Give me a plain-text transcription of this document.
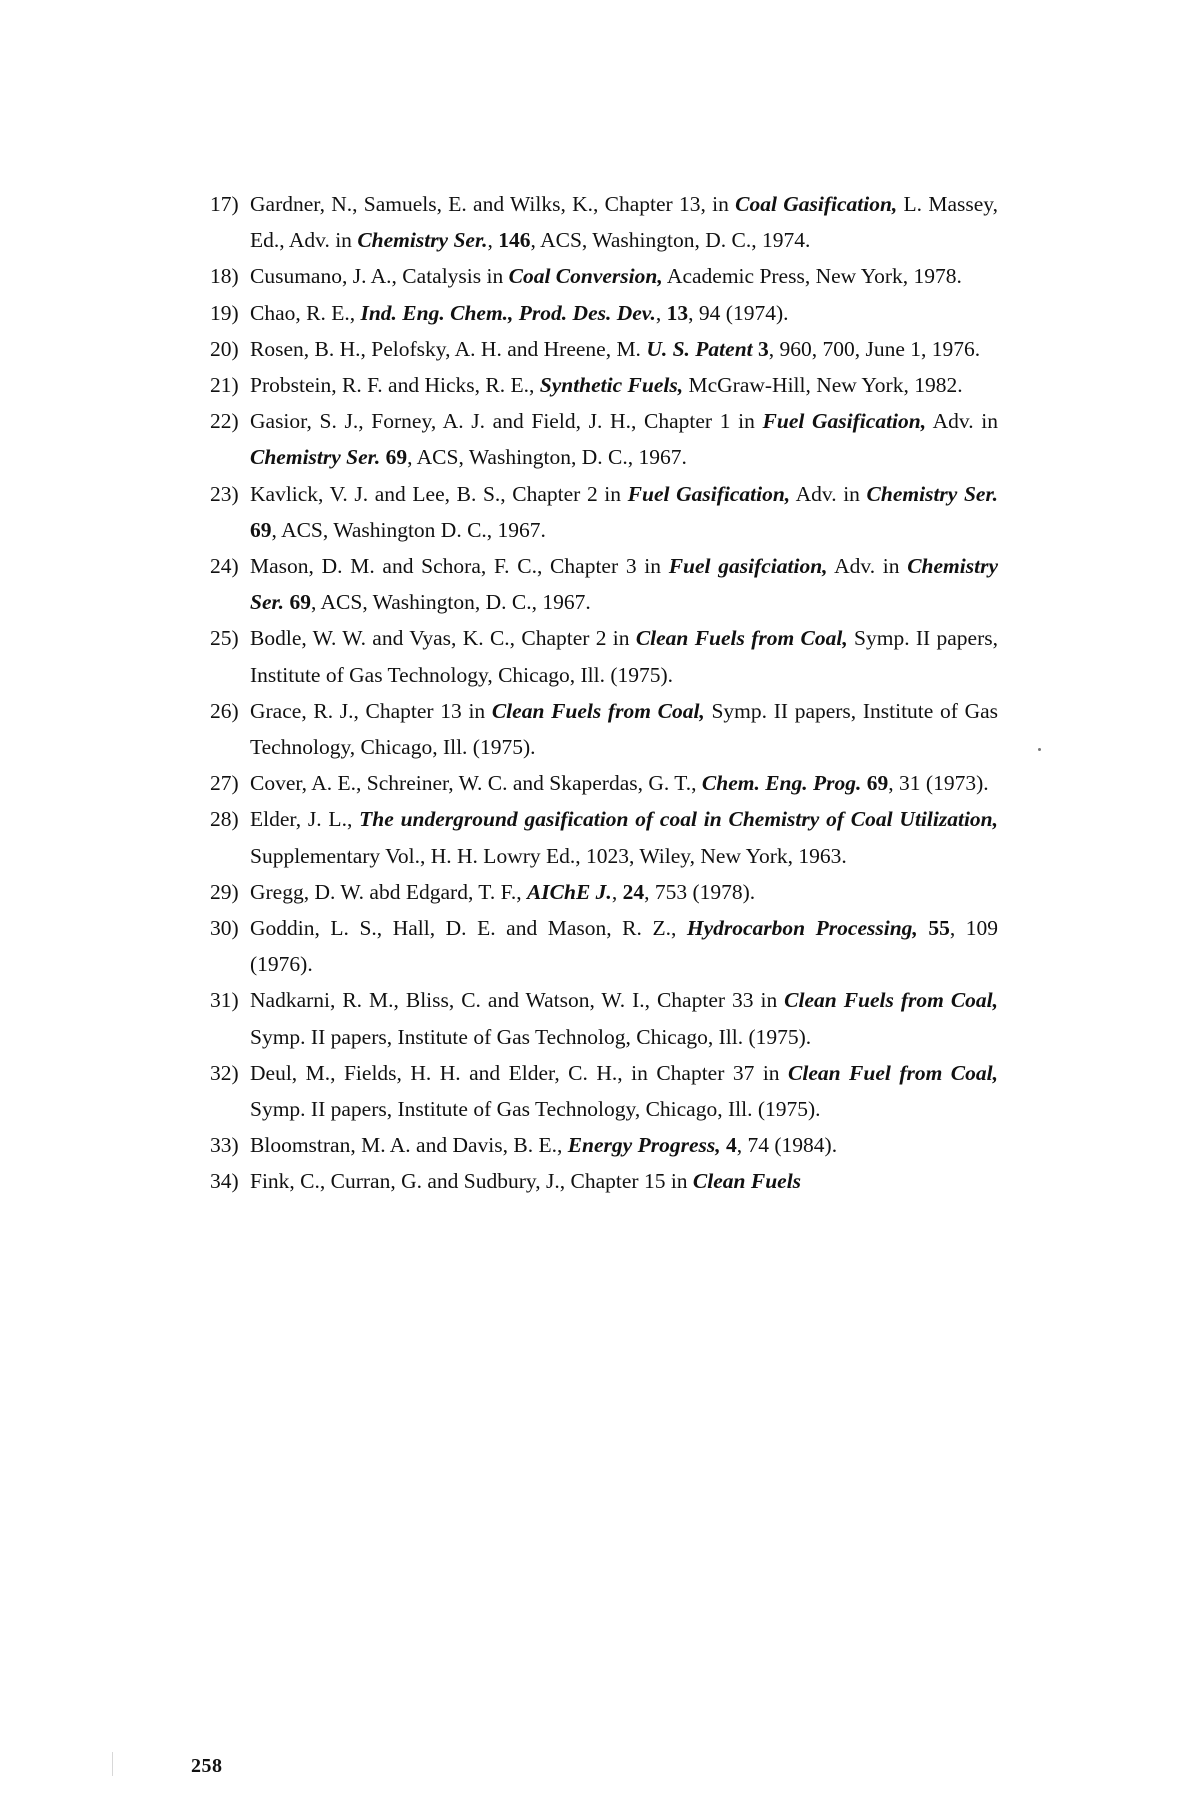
17) Gardner, N., Samuels, E. and Wilks, K., Chapter 13, in Coal Gasification, L. Massey, Ed., Adv. in Chemistry Ser., 146, ACS, Washington, D. C., 1974.
18) Cusumano, J. A., Catalysis in Coal Conversion, Academic Press, New York, 1978.
19) Chao, R. E., Ind. Eng. Chem., Prod. Des. Dev., 13, 94 (1974).
20) Rosen, B. H., Pelofsky, A. H. and Hreene, M. U. S. Patent 3, 960, 700, June 1, 1976.
21) Probstein, R. F. and Hicks, R. E., Synthetic Fuels, McGraw-Hill, New York, 1982.
22) Gasior, S. J., Forney, A. J. and Field, J. H., Chapter 1 in Fuel Gasification, Adv. in Chemistry Ser. 69, ACS, Washington, D. C., 1967.
23) Kavlick, V. J. and Lee, B. S., Chapter 2 in Fuel Gasification, Adv. in Chemistry Ser. 69, ACS, Washington D. C., 1967.
24) Mason, D. M. and Schora, F. C., Chapter 3 in Fuel gasifciation, Adv. in Chemistry Ser. 69, ACS, Washington, D. C., 1967.
25) Bodle, W. W. and Vyas, K. C., Chapter 2 in Clean Fuels from Coal, Symp. II papers, Institute of Gas Technology, Chicago, Ill. (1975).
26) Grace, R. J., Chapter 13 in Clean Fuels from Coal, Symp. II papers, Institute of Gas Technology, Chicago, Ill. (1975).
27) Cover, A. E., Schreiner, W. C. and Skaperdas, G. T., Chem. Eng. Prog. 69, 31 (1973).
28) Elder, J. L., The underground gasification of coal in Chemistry of Coal Utilization, Supplementary Vol., H. H. Lowry Ed., 1023, Wiley, New York, 1963.
29) Gregg, D. W. abd Edgard, T. F., AIChE J., 24, 753 (1978).
30) Goddin, L. S., Hall, D. E. and Mason, R. Z., Hydrocarbon Processing, 55, 109 (1976).
31) Nadkarni, R. M., Bliss, C. and Watson, W. I., Chapter 33 in Clean Fuels from Coal, Symp. II papers, Institute of Gas Technolog, Chicago, Ill. (1975).
32) Deul, M., Fields, H. H. and Elder, C. H., in Chapter 37 in Clean Fuel from Coal, Symp. II papers, Institute of Gas Technology, Chicago, Ill. (1975).
33) Bloomstran, M. A. and Davis, B. E., Energy Progress, 4, 74 (1984).
34) Fink, C., Curran, G. and Sudbury, J., Chapter 15 in Clean Fuels
258
